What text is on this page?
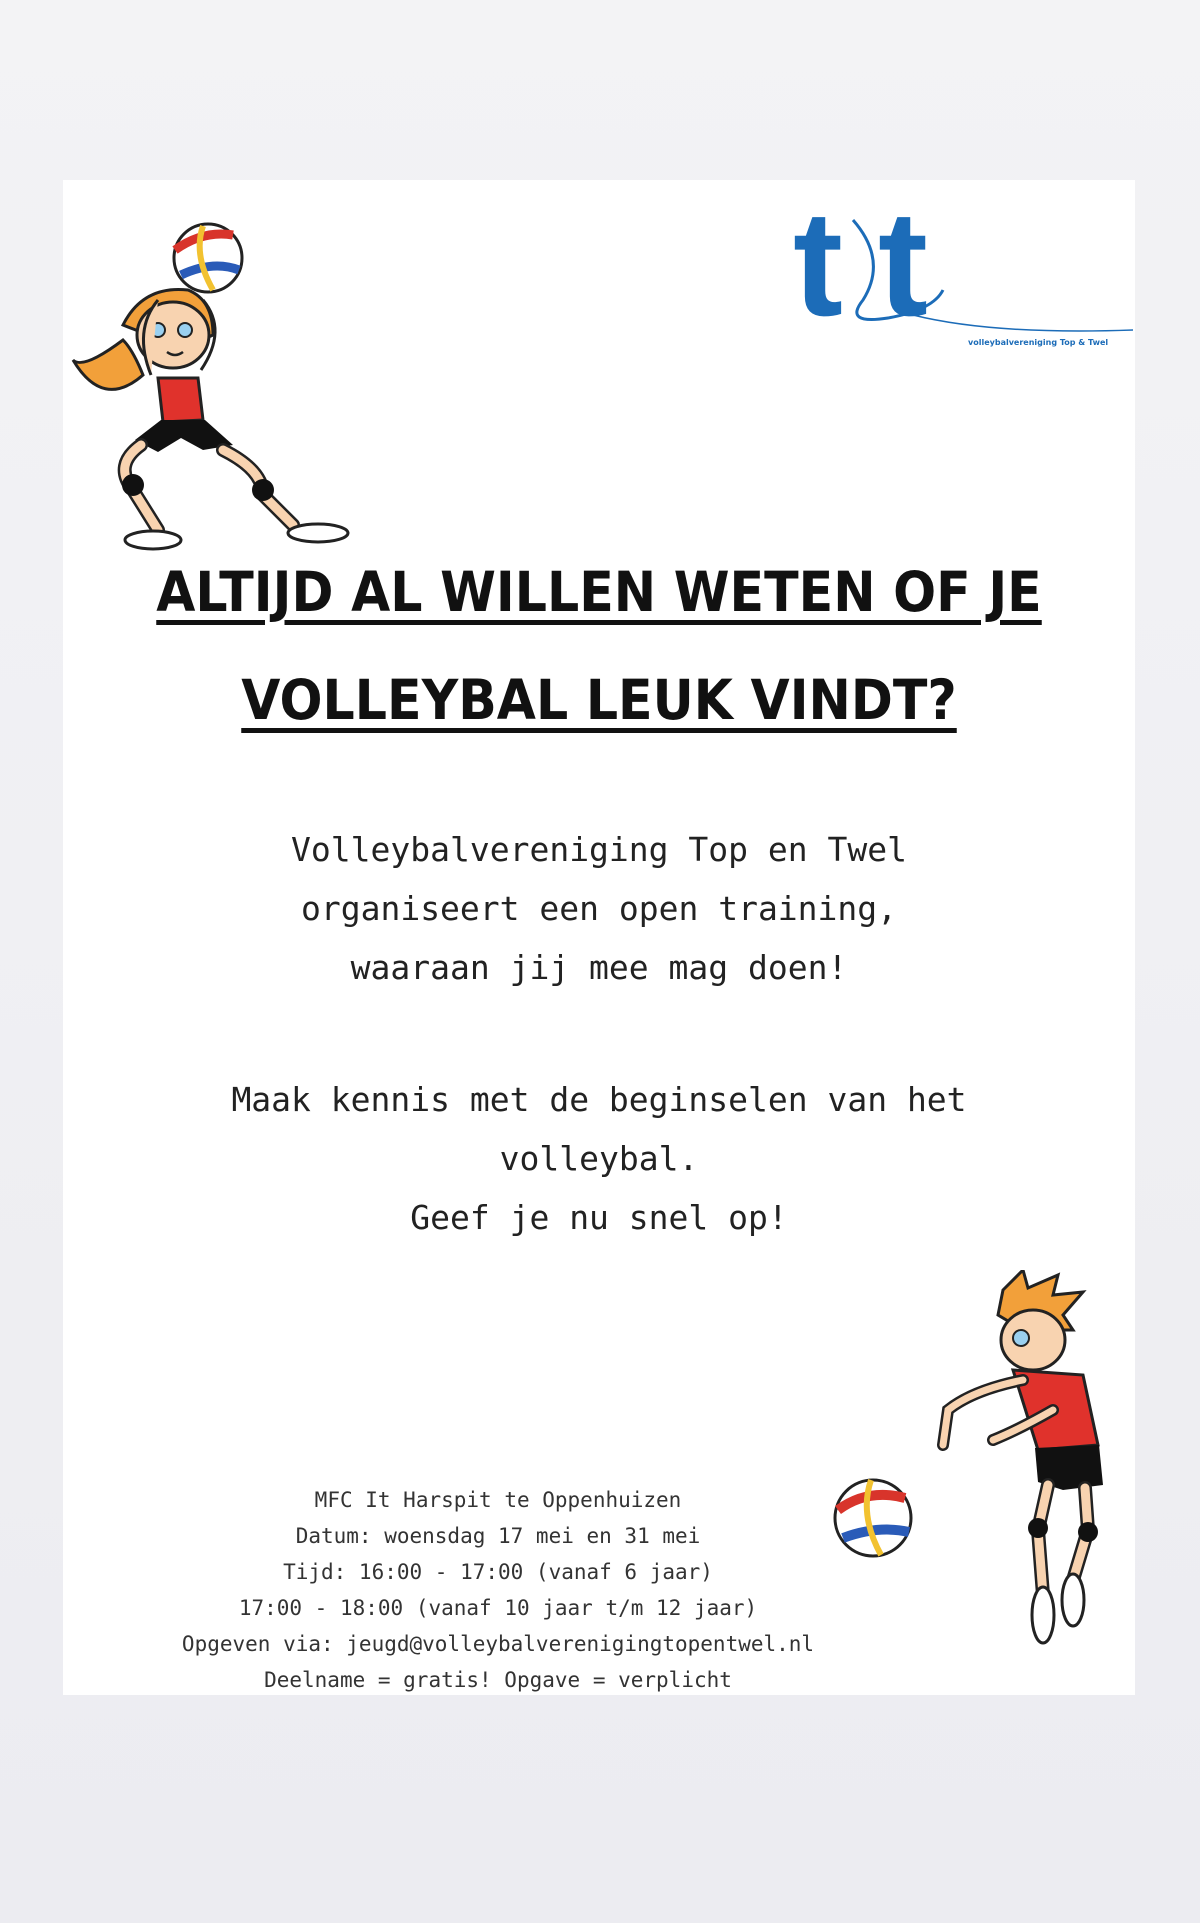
t t	volleybalvereniging Top & Twel
ALTIJD AL WILLEN WETEN OF JE
VOLLEYBAL LEUK VINDT?
Volleybalvereniging Top en Twel
organiseert een open training,
waaraan jij mee mag doen!
Maak kennis met de beginselen van het
volleybal.
Geef je nu snel op!
MFC It Harspit te Oppenhuizen
Datum: woensdag 17 mei en 31 mei
Tijd: 16:00 - 17:00 (vanaf 6 jaar)
17:00 - 18:00 (vanaf 10 jaar t/m 12 jaar)
Opgeven via: jeugd@volleybalverenigingtopentwel.nl
Deelname = gratis! Opgave = verplicht
